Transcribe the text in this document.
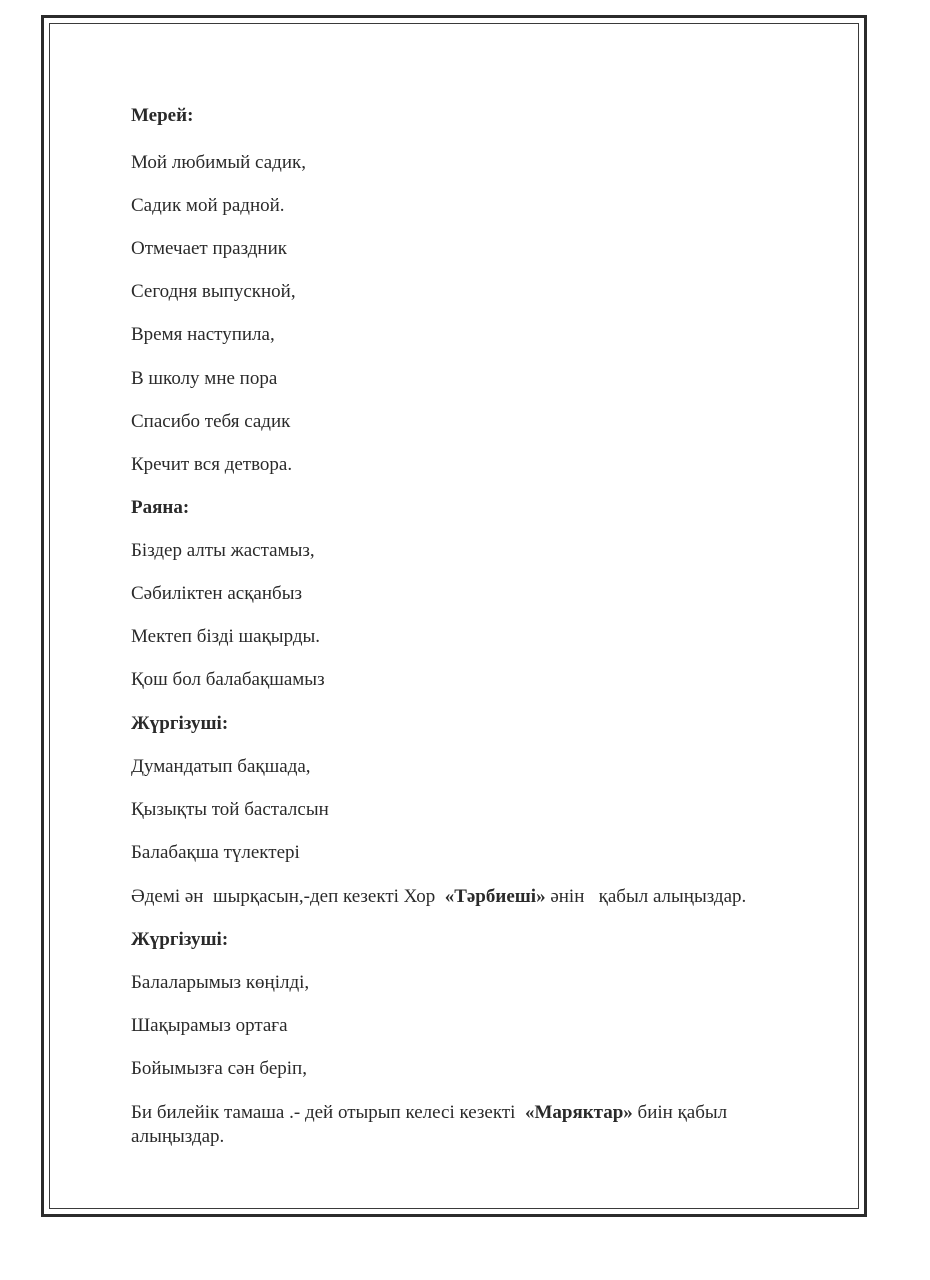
Мерей:
Мой любимый садик,
Садик мой радной.
Отмечает праздник
Сегодня выпускной,
Время наступила,
В школу мне пора
Спасибо тебя садик
Кречит вся детвора.
Раяна:
Біздер алты жастамыз,
Сәбиліктен асқанбыз
Мектеп бізді шақырды.
Қош бол балабақшамыз
Жүргізуші:
Думандатып бақшада,
Қызықты той басталсын
Балабақша түлектері
Әдемі ән  шырқасын,-деп кезекті Хор  «Тәрбиеші» әнін   қабыл алыңыздар.
Жүргізуші:
Балаларымыз көңілді,
Шақырамыз ортаға
Бойымызға сән беріп,
Би билейік тамаша .- дей отырып келесі кезекті  «Маряктар» биін қабыл алыңыздар.
